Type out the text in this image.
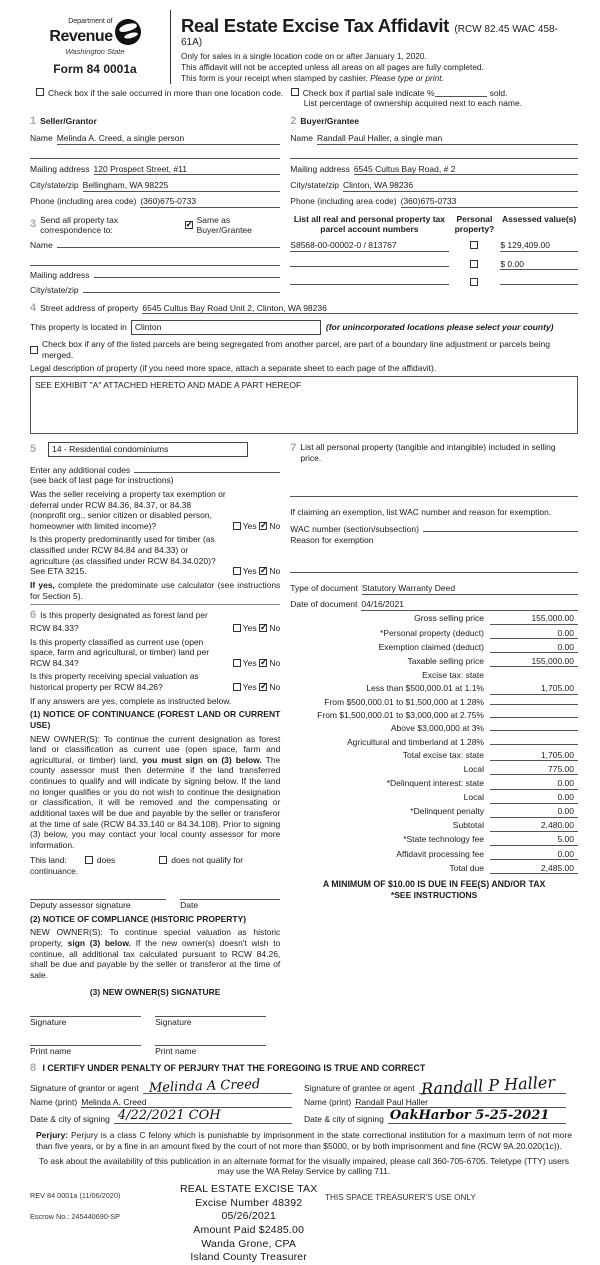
Department of
Revenue
Washington State
Form 84 0001a
Real Estate Excise Tax Affidavit (RCW 82.45 WAC 458-61A)
Only for sales in a single location code on or after January 1, 2020.
This affidavit will not be accepted unless all areas on all pages are fully completed.
This form is your receipt when stamped by cashier. Please type or print.
Check box if the sale occurred in more than one location code. Check box if partial sale indicate %	sold.
List percentage of ownership acquired next to each name.
1 Seller/Grantor
Name Melinda A. Creed, a single person
Mailing address 120 Prospect Street, #11
City/state/zip Bellingham, WA 98225
Phone (including area code) (360)675-0733
3 Send all property tax correspondence to:
✓ Same as Buyer/Grantee
Name
Mailing address
City/state/zip
2 Buyer/Grantee
Name Randall Paul Haller, a single man
Mailing address 6545 Cultus Bay Road, # 2
City/state/zip Clinton, WA 98236
Phone (including area code) (360)675-0733
List all real and personal property tax parcel account numbers
Personal property?
Assessed value(s)
S8568-00-00002-0 / 813767	$ 129,409.00
$ 0.00
4 Street address of property 6545 Cultus Bay Road Unit 2, Clinton, WA 98236
This property is located in Clinton	(for unincorporated locations please select your county)
Check box if any of the listed parcels are being segregated from another parcel, are part of a boundary line adjustment or parcels being merged.
Legal description of property (if you need more space, attach a separate sheet to each page of the affidavit).
SEE EXHIBIT "A" ATTACHED HERETO AND MADE A PART HEREOF
5	14 - Residential condominiums
Enter any additional codes
(see back of last page for instructions)
Was the seller receiving a property tax exemption or deferral under RCW 84.36, 84.37, or 84.38 (nonprofit org., senior citizen or disabled person, homeowner with limited income)?	Yes ✓ No
Is this property predominantly used for timber (as classified under RCW 84.84 and 84.33) or agriculture (as classified under RCW 84.34.020)? See ETA 3215.	Yes ✓ No
If yes, complete the predominate use calculator (see instructions for Section 5).
6 Is this property designated as forest land per RCW 84.33?	Yes ✓ No
Is this property classified as current use (open space, farm and agricultural, or timber) land per RCW 84.34?	Yes ✓ No
Is this property receiving special valuation as historical property per RCW 84.26?	Yes ✓ No
If any answers are yes, complete as instructed below.
(1) NOTICE OF CONTINUANCE (FOREST LAND OR CURRENT USE)
NEW OWNER(S): To continue the current designation as forest land or classification as current use (open space, farm and agricultural, or timber) land, you must sign on (3) below. The county assessor must then determine if the land transferred continues to qualify and will indicate by signing below. If the land no longer qualifies or you do not wish to continue the designation or classification, it will be removed and the compensating or additional taxes will be due and payable by the seller or transferor at the time of sale (RCW 84.33.140 or 84.34.108). Prior to signing (3) below, you may contact your local county assessor for more information.
This land:	does	does not qualify for
continuance.
Deputy assessor signature	Date
(2) NOTICE OF COMPLIANCE (HISTORIC PROPERTY)
NEW OWNER(S): To continue special valuation as historic property, sign (3) below. If the new owner(s) doesn't wish to continue, all additional tax calculated pursuant to RCW 84.26, shall be due and payable by the seller or transferor at the time of sale.
(3) NEW OWNER(S) SIGNATURE
Signature	Signature
Print name	Print name
7 List all personal property (tangible and intangible) included in selling price.
If claiming an exemption, list WAC number and reason for exemption.
WAC number (section/subsection)
Reason for exemption
Type of document Statutory Warranty Deed
Date of document 04/16/2021
Gross selling price	155,000.00
*Personal property (deduct)	0.00
Exemption claimed (deduct)	0.00
Taxable selling price	155,000.00
Excise tax: state
Less than $500,000.01 at 1.1%	1,705.00
From $500,000.01 to $1,500,000 at 1.28%
From $1,500,000.01 to $3,000,000 at 2.75%
Above $3,000,000 at 3%
Agricultural and timberland at 1.28%
Total excise tax: state	1,705.00
Local	775.00
*Delinquent interest: state	0.00
Local	0.00
*Delinquent penalty	0.00
Subtotal	2,480.00
*State technology fee	5.00
Affidavit processing fee	0.00
Total due	2,485.00
A MINIMUM OF $10.00 IS DUE IN FEE(S) AND/OR TAX
*SEE INSTRUCTIONS
8 I CERTIFY UNDER PENALTY OF PERJURY THAT THE FOREGOING IS TRUE AND CORRECT
Signature of grantor or agent Melinda A Creed
Name (print) Melinda A. Creed
Date & city of signing 4/22/2021 COH
Signature of grantee or agent Randall P Haller
Name (print) Randall Paul Haller
Date & city of signing OakHarbor 5-25-2021
Perjury: Perjury is a class C felony which is punishable by imprisonment in the state correctional institution for a maximum term of not more than five years, or by a fine in an amount fixed by the court of not more than $5000, or by both imprisonment and fine (RCW 9A.20.020(1c)).
To ask about the availability of this publication in an alternate format for the visually impaired, please call 360-705-6705. Teletype (TTY) users may use the WA Relay Service by calling 711.
REV 84 0001a (11/06/2020)
Escrow No.: 245440690-SP
THIS SPACE TREASURER'S USE ONLY
REAL ESTATE EXCISE TAX
Excise Number 48392
05/26/2021
Amount Paid $2485.00
Wanda Grone, CPA
Island County Treasurer
